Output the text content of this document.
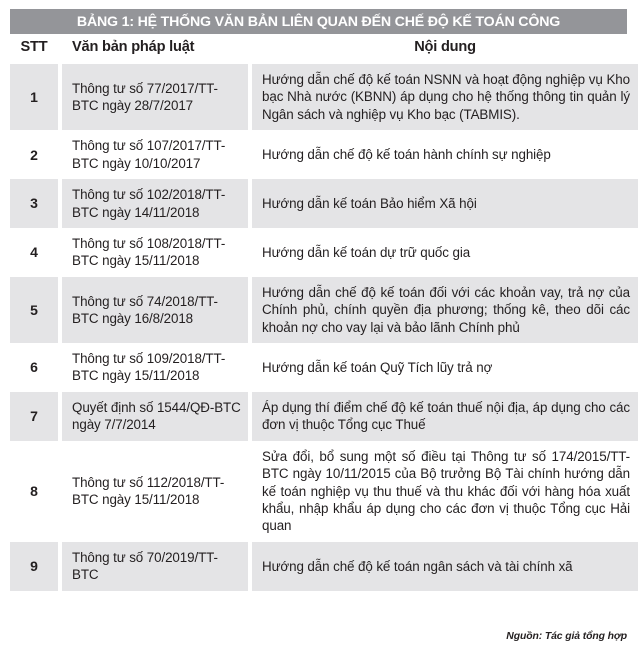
BẢNG 1: HỆ THỐNG VĂN BẢN LIÊN QUAN ĐẾN CHẾ ĐỘ KẾ TOÁN CÔNG
STT	Văn bản pháp luật	Nội dung
1	Thông tư số 77/2017/TT-BTC ngày 28/7/2017	Hướng dẫn chế độ kế toán NSNN và hoạt động nghiệp vụ Kho bạc Nhà nước (KBNN) áp dụng cho hệ thống thông tin quản lý Ngân sách và nghiệp vụ Kho bạc (TABMIS).
2	Thông tư số 107/2017/TT-BTC ngày 10/10/2017	Hướng dẫn chế độ kế toán hành chính sự nghiệp
3	Thông tư số 102/2018/TT-BTC ngày 14/11/2018	Hướng dẫn kế toán Bảo hiểm Xã hội
4	Thông tư số 108/2018/TT-BTC ngày 15/11/2018	Hướng dẫn kế toán dự trữ quốc gia
5	Thông tư số 74/2018/TT-BTC ngày 16/8/2018	Hướng dẫn chế độ kế toán đối với các khoản vay, trả nợ của Chính phủ, chính quyền địa phương; thống kê, theo dõi các khoản nợ cho vay lại và bảo lãnh Chính phủ
6	Thông tư số 109/2018/TT-BTC ngày 15/11/2018	Hướng dẫn kế toán Quỹ Tích lũy trả nợ
7	Quyết định số 1544/QĐ-BTC ngày 7/7/2014	Áp dụng thí điểm chế độ kế toán thuế nội địa, áp dụng cho các đơn vị thuộc Tổng cục Thuế
8	Thông tư số 112/2018/TT-BTC ngày 15/11/2018	Sửa đổi, bổ sung một số điều tại Thông tư số 174/2015/TT-BTC ngày 10/11/2015 của Bộ trưởng Bộ Tài chính hướng dẫn kế toán nghiệp vụ thu thuế và thu khác đối với hàng hóa xuất khẩu, nhập khẩu áp dụng cho các đơn vị thuộc Tổng cục Hải quan
9	Thông tư số 70/2019/TT-BTC	Hướng dẫn chế độ kế toán ngân sách và tài chính xã
Nguồn: Tác giả tổng hợp
